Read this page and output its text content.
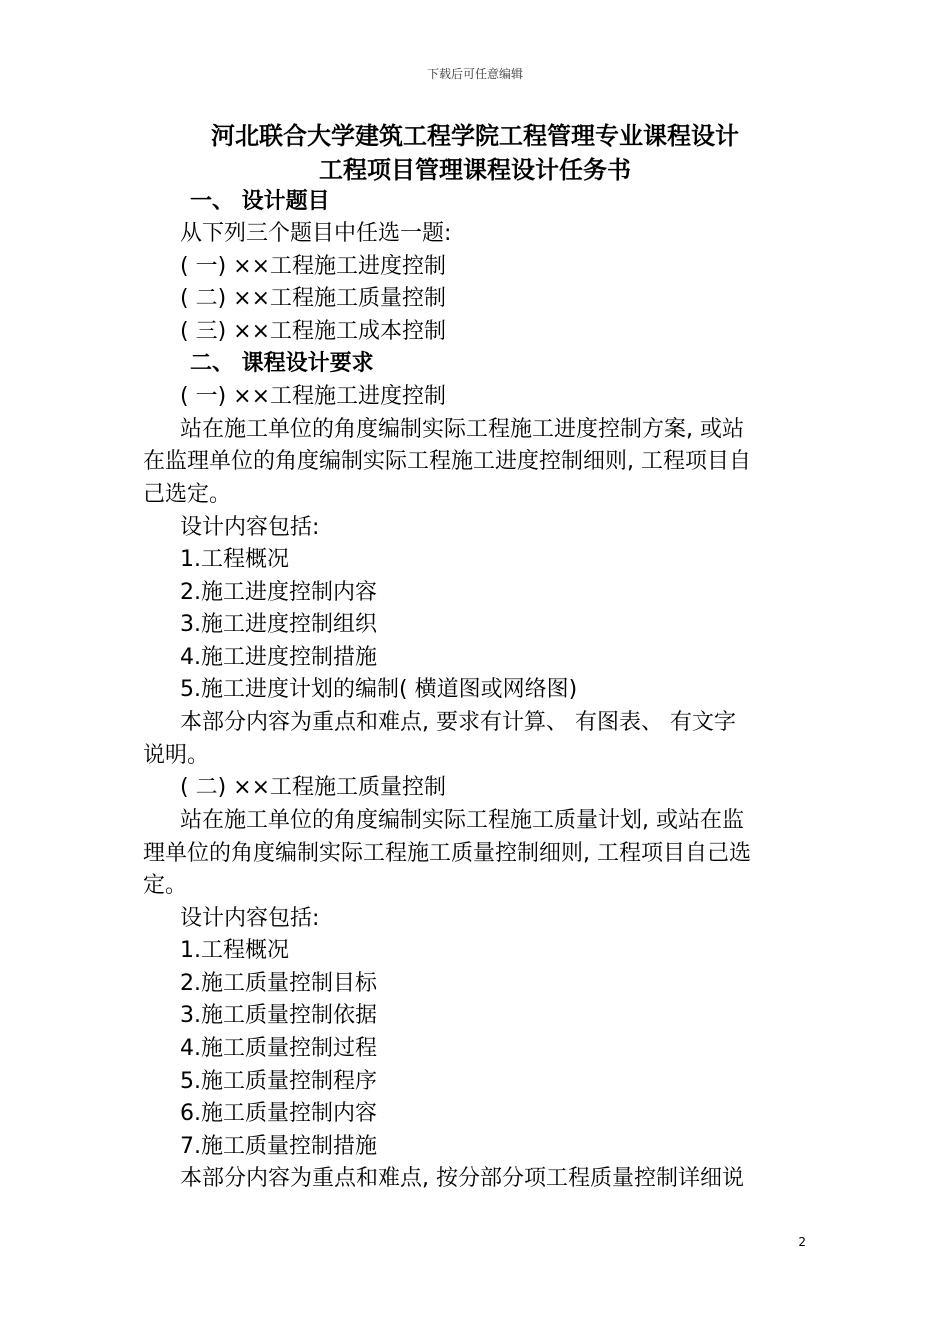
下载后可任意编辑
河北联合大学建筑工程学院工程管理专业课程设计
工程项目管理课程设计任务书
一、 设计题目
从下列三个题目中任选一题:
( 一) ××工程施工进度控制
( 二) ××工程施工质量控制
( 三) ××工程施工成本控制
二、 课程设计要求
( 一) ××工程施工进度控制
站在施工单位的角度编制实际工程施工进度控制方案, 或站
在监理单位的角度编制实际工程施工进度控制细则, 工程项目自
己选定。
设计内容包括:
1.工程概况
2.施工进度控制内容
3.施工进度控制组织
4.施工进度控制措施
5.施工进度计划的编制( 横道图或网络图)
本部分内容为重点和难点, 要求有计算、 有图表、 有文字
说明。
( 二) ××工程施工质量控制
站在施工单位的角度编制实际工程施工质量计划, 或站在监
理单位的角度编制实际工程施工质量控制细则, 工程项目自己选
定。
设计内容包括:
1.工程概况
2.施工质量控制目标
3.施工质量控制依据
4.施工质量控制过程
5.施工质量控制程序
6.施工质量控制内容
7.施工质量控制措施
本部分内容为重点和难点, 按分部分项工程质量控制详细说
2
